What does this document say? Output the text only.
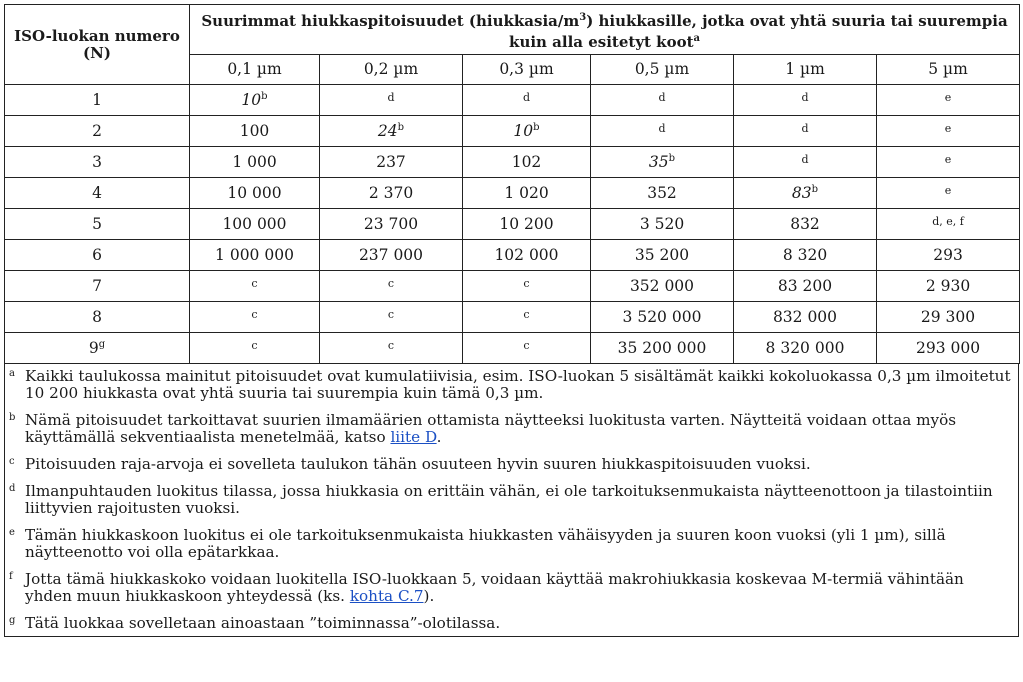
ISO-luokan numero (N)	Suurimmat hiukkaspitoisuudet $(hiukkasia/m^3)$ hiukkasille, jotka ovat yhtä suuria tai suurempia kuin alla esitetyt koot$^a$
	0,1 µm	0,2 µm	0,3 µm	0,5 µm	1 µm	5 µm
1	10$^b$	$^d$	$^d$	$^d$	$^d$	$^e$
2	100	24$^b$	10$^b$	$^d$	$^d$	$^e$
3	1 000	237	102	35$^b$	$^d$	$^e$
4	10 000	2 370	1 020	352	83$^b$	$^e$
5	100 000	23 700	10 200	3 520	832	$^{d, e, f}$
6	1 000 000	237 000	102 000	35 200	8 320	293
7	$^c$	$^c$	$^c$	352 000	83 200	2 930
8	$^c$	$^c$	$^c$	3 520 000	832 000	29 300
9$^g$	$^c$	$^c$	$^c$	35 200 000	8 320 000	293 000
a Kaikki taulukossa mainitut pitoisuudet ovat kumulatiivisia, esim. ISO-luokan 5 sisältämät kaikki kokoluokassa 0,3 µm ilmoitetut 10 200 hiukkasta ovat yhtä suuria tai suurempia kuin tämä 0,3 µm.
b Nämä pitoisuudet tarkoittavat suurien ilmamäärien ottamista näytteeksi luokitusta varten. Näytteitä voidaan ottaa myös käyttämällä sekventiaalista menetelmää, katso liite D.
c Pitoisuuden raja-arvoja ei sovelleta taulukon tähän osuuteen hyvin suuren hiukkaspitoisuuden vuoksi.
d Ilmanpuhtauden luokitus tilassa, jossa hiukkasia on erittäin vähän, ei ole tarkoituksenmukaista näytteenottoon ja tilastointiin liittyvien rajoitusten vuoksi.
e Tämän hiukkaskoon luokitus ei ole tarkoituksenmukaista hiukkasten vähäisyyden ja suuren koon vuoksi (yli 1 µm), sillä näytteenotto voi olla epätarkkaa.
f Jotta tämä hiukkaskoko voidaan luokitella ISO-luokkaan 5, voidaan käyttää makrohiukkasia koskevaa M-termiä vähintään yhden muun hiukkaskoon yhteydessä (ks. kohta C.7).
g Tätä luokkaa sovelletaan ainoastaan ”toiminnassa”-olotilassa.
